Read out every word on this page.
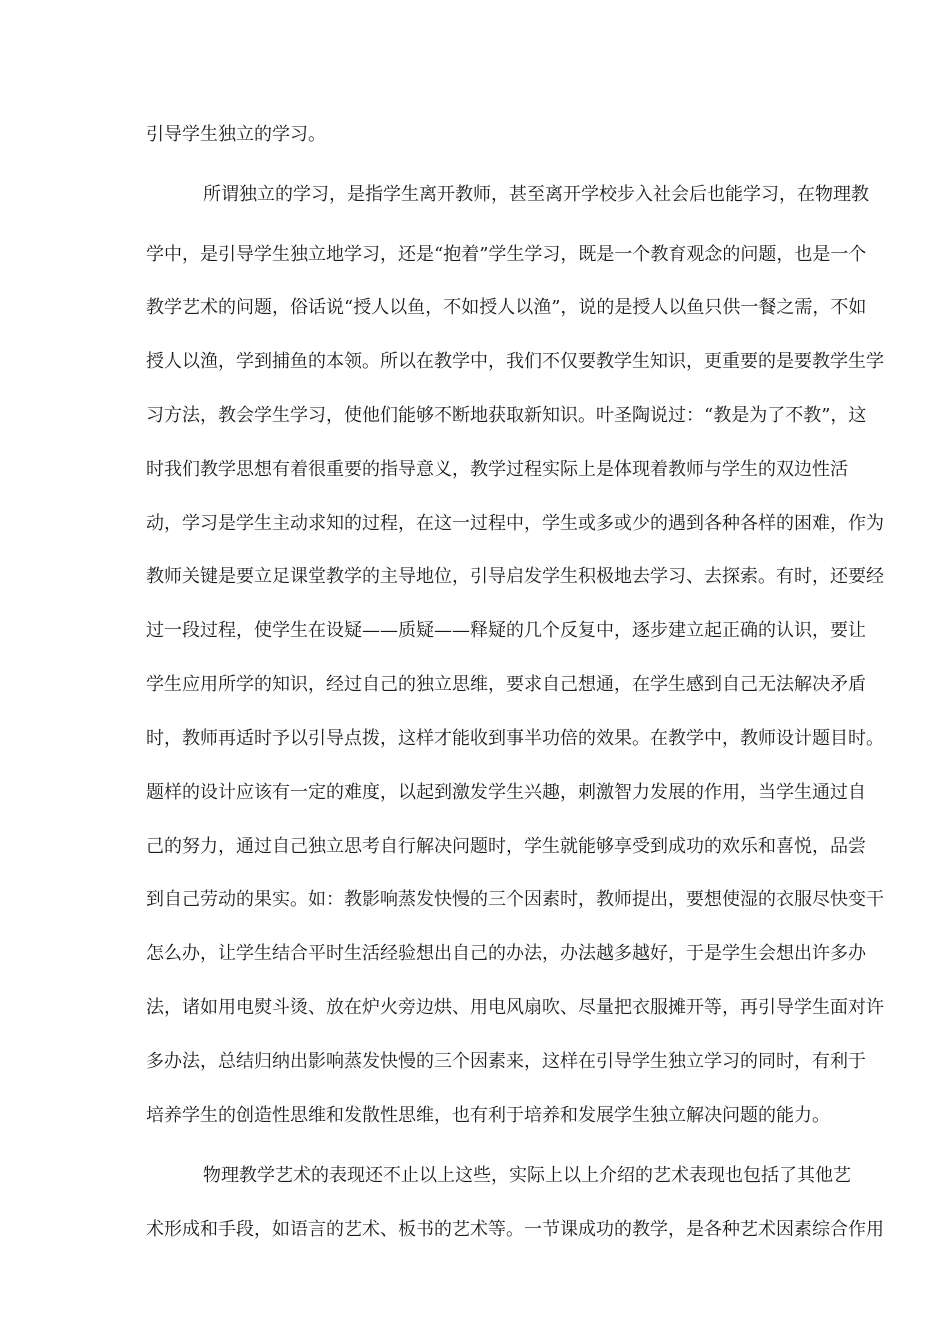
引导学生独立的学习。
所谓独立的学习，是指学生离开教师，甚至离开学校步入社会后也能学习，在物理教
学中，是引导学生独立地学习，还是“抱着”学生学习，既是一个教育观念的问题，也是一个
教学艺术的问题，俗话说“授人以鱼，不如授人以渔”，说的是授人以鱼只供一餐之需，不如
授人以渔，学到捕鱼的本领。所以在教学中，我们不仅要教学生知识，更重要的是要教学生学
习方法，教会学生学习，使他们能够不断地获取新知识。叶圣陶说过：“教是为了不教”，这
时我们教学思想有着很重要的指导意义，教学过程实际上是体现着教师与学生的双边性活
动，学习是学生主动求知的过程，在这一过程中，学生或多或少的遇到各种各样的困难，作为
教师关键是要立足课堂教学的主导地位，引导启发学生积极地去学习、去探索。有时，还要经
过一段过程，使学生在设疑——质疑——释疑的几个反复中，逐步建立起正确的认识，要让
学生应用所学的知识，经过自己的独立思维，要求自己想通，在学生感到自己无法解决矛盾
时，教师再适时予以引导点拨，这样才能收到事半功倍的效果。在教学中，教师设计题目时。
题样的设计应该有一定的难度，以起到激发学生兴趣，刺激智力发展的作用，当学生通过自
己的努力，通过自己独立思考自行解决问题时，学生就能够享受到成功的欢乐和喜悦，品尝
到自己劳动的果实。如：教影响蒸发快慢的三个因素时，教师提出，要想使湿的衣服尽快变干
怎么办，让学生结合平时生活经验想出自己的办法，办法越多越好，于是学生会想出许多办
法，诸如用电熨斗烫、放在炉火旁边烘、用电风扇吹、尽量把衣服摊开等，再引导学生面对许
多办法，总结归纳出影响蒸发快慢的三个因素来，这样在引导学生独立学习的同时，有利于
培养学生的创造性思维和发散性思维，也有利于培养和发展学生独立解决问题的能力。
物理教学艺术的表现还不止以上这些，实际上以上介绍的艺术表现也包括了其他艺
术形成和手段，如语言的艺术、板书的艺术等。一节课成功的教学，是各种艺术因素综合作用
